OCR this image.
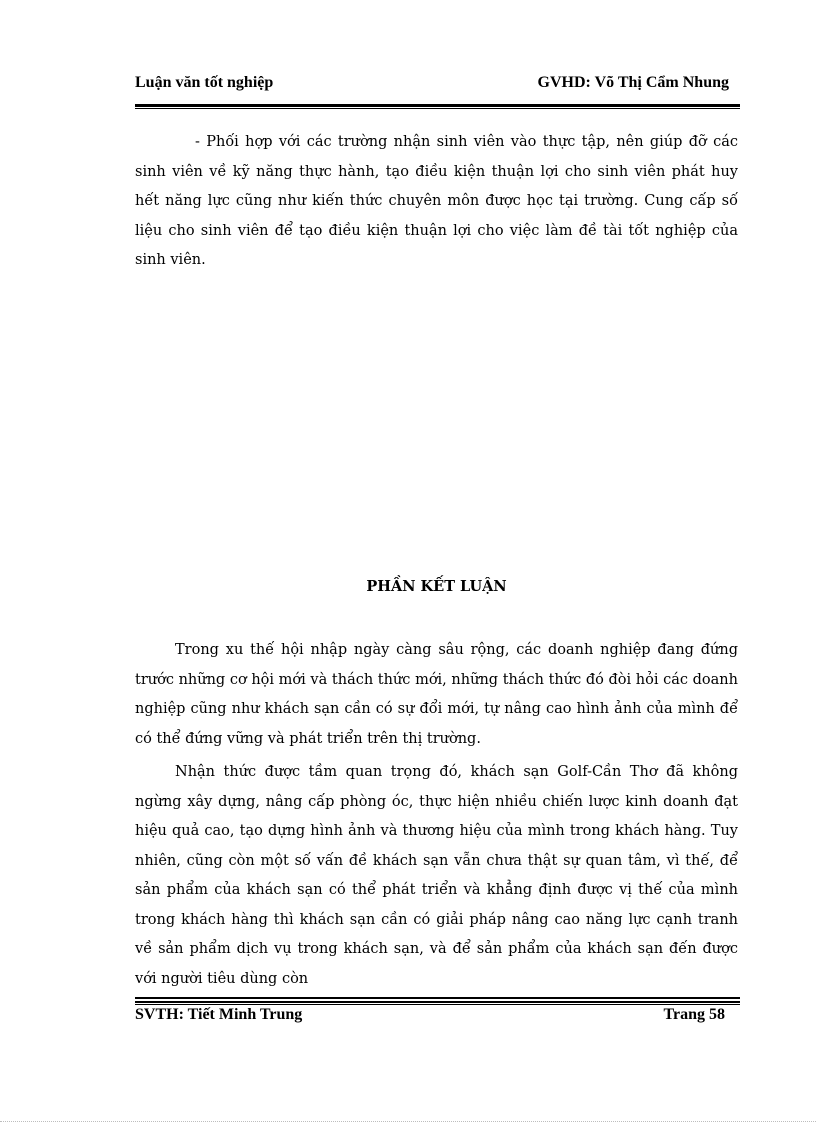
Luận văn tốt nghiệp	GVHD: Võ Thị Cẩm Nhung
- Phối hợp với các trường nhận sinh viên vào thực tập, nên giúp đỡ các sinh viên về kỹ năng thực hành, tạo điều kiện thuận lợi cho sinh viên phát huy hết năng lực cũng như kiến thức chuyên môn được học tại trường. Cung cấp số liệu cho sinh viên để tạo điều kiện thuận lợi cho việc làm đề tài tốt nghiệp của sinh viên.
PHẦN KẾT LUẬN
Trong xu thế hội nhập ngày càng sâu rộng, các doanh nghiệp đang đứng trước những cơ hội mới và thách thức mới, những thách thức đó đòi hỏi các doanh nghiệp cũng như khách sạn cần có sự đổi mới, tự nâng cao hình ảnh của mình để có thể đứng vững và phát triển trên thị trường.
Nhận thức được tầm quan trọng đó, khách sạn Golf-Cần Thơ đã không ngừng xây dựng, nâng cấp phòng óc, thực hiện nhiều chiến lược kinh doanh đạt hiệu quả cao, tạo dựng hình ảnh và thương hiệu của mình trong khách hàng. Tuy nhiên, cũng còn một số vấn đề khách sạn vẫn chưa thật sự quan tâm, vì thế, để sản phẩm của khách sạn có thể phát triển và khẳng định được vị thế của mình trong khách hàng thì khách sạn cần có giải pháp nâng cao năng lực cạnh tranh về sản phẩm dịch vụ trong khách sạn, và để sản phẩm của khách sạn đến được với người tiêu dùng còn
SVTH: Tiết Minh Trung	Trang 58
